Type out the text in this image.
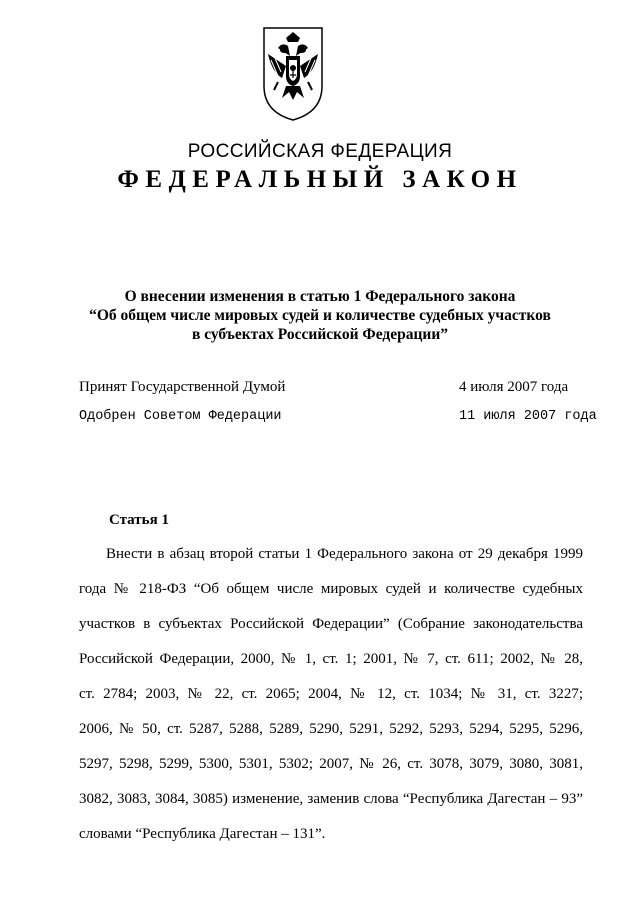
РОССИЙСКАЯ ФЕДЕРАЦИЯ
ФЕДЕРАЛЬНЫЙ ЗАКОН
О внесении изменения в статью 1 Федерального закона
“Об общем числе мировых судей и количестве судебных участков
в субъектах Российской Федерации”
Принят Государственной Думой	4 июля 2007 года
Одобрен Советом Федерации	11 июля 2007 года
Статья 1
Внести в абзац второй статьи 1 Федерального закона от 29 декабря 1999
года № 218-ФЗ “Об общем числе мировых судей и количестве судебных
участков в субъектах Российской Федерации” (Собрание законодательства
Российской Федерации, 2000, № 1, ст. 1; 2001, № 7, ст. 611; 2002, № 28,
ст. 2784; 2003, № 22, ст. 2065; 2004, № 12, ст. 1034; № 31, ст. 3227;
2006, № 50, ст. 5287, 5288, 5289, 5290, 5291, 5292, 5293, 5294, 5295, 5296,
5297, 5298, 5299, 5300, 5301, 5302; 2007, № 26, ст. 3078, 3079, 3080, 3081,
3082, 3083, 3084, 3085) изменение, заменив слова “Республика Дагестан – 93”
словами “Республика Дагестан – 131”.
